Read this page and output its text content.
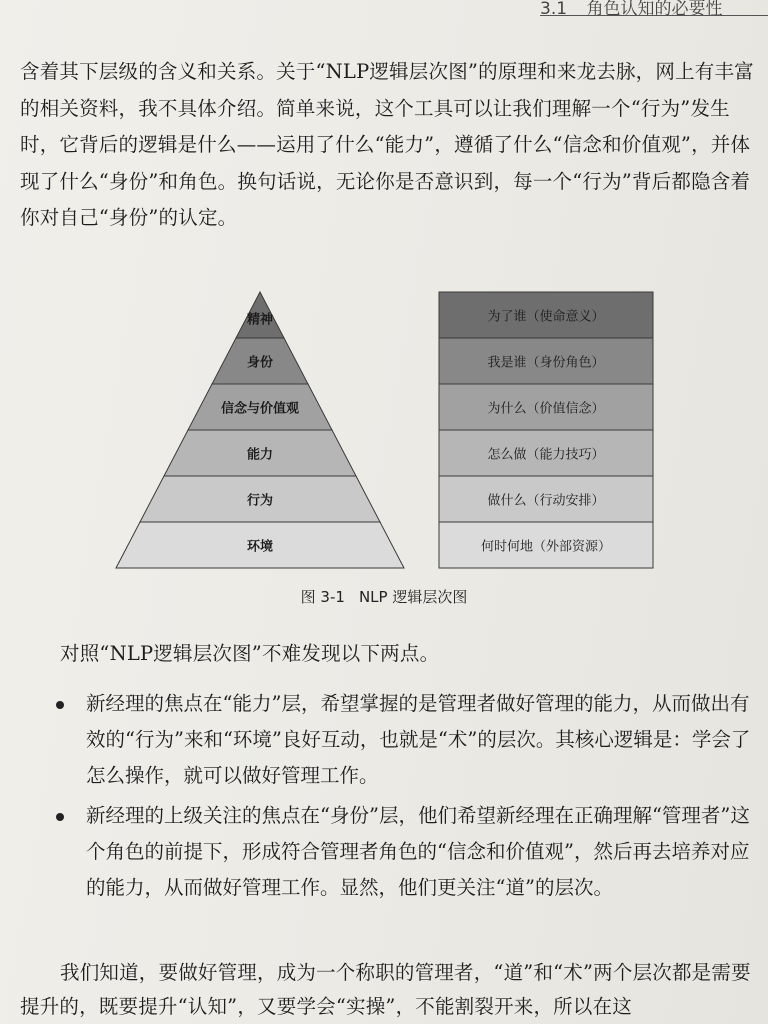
3.1 角色认知的必要性

含着其下层级的含义和关系。关于“NLP逻辑层次图”的原理和来龙去脉，网上有丰富的相关资料，我不具体介绍。简单来说，这个工具可以让我们理解一个“行为”发生时，它背后的逻辑是什么——运用了什么“能力”，遵循了什么“信念和价值观”，并体现了什么“身份”和角色。换句话说，无论你是否意识到，每一个“行为”背后都隐含着你对自己“身份”的认定。

精神
身份
信念与价值观
能力
行为
环境
为了谁（使命意义）
我是谁（身份角色）
为什么（价值信念）
怎么做（能力技巧）
做什么（行动安排）
何时何地（外部资源）
图 3-1 NLP 逻辑层次图

对照“NLP逻辑层次图”不难发现以下两点。

新经理的焦点在“能力”层，希望掌握的是管理者做好管理的能力，从而做出有效的“行为”来和“环境”良好互动，也就是“术”的层次。其核心逻辑是：学会了怎么操作，就可以做好管理工作。
新经理的上级关注的焦点在“身份”层，他们希望新经理在正确理解“管理者”这个角色的前提下，形成符合管理者角色的“信念和价值观”，然后再去培养对应的能力，从而做好管理工作。显然，他们更关注“道”的层次。

我们知道，要做好管理，成为一个称职的管理者，“道”和“术”两个层次都是需要提升的，既要提升“认知”，又要学会“实操”，不能割裂开来，所以在这
